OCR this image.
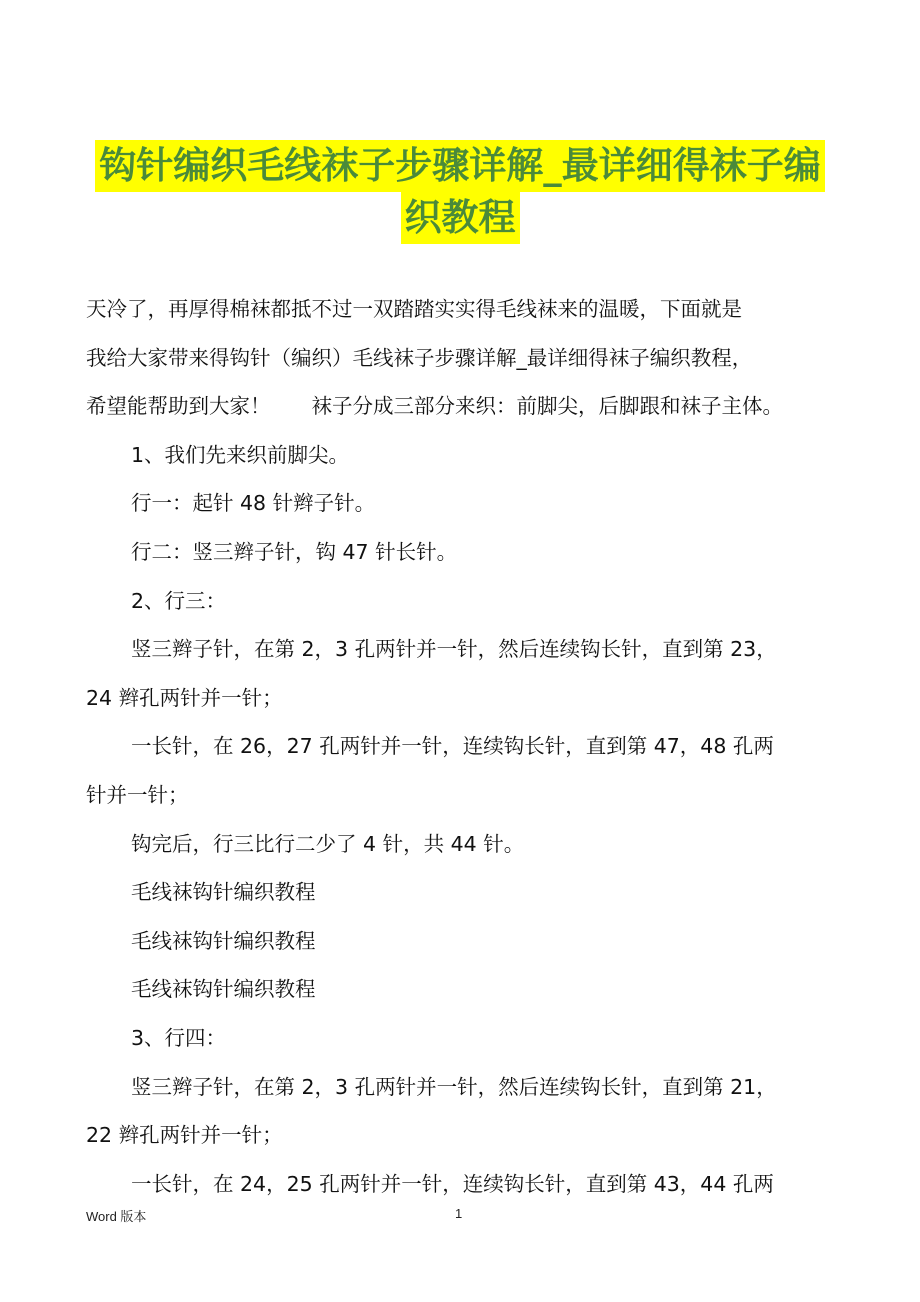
钩针编织毛线袜子步骤详解_最详细得袜子编
织教程

天冷了，再厚得棉袜都抵不过一双踏踏实实得毛线袜来的温暖，下面就是

我给大家带来得钩针（编织）毛线袜子步骤详解_最详细得袜子编织教程，

希望能帮助到大家！　　袜子分成三部分来织：前脚尖，后脚跟和袜子主体。

1、我们先来织前脚尖。

行一：起针 48 针辫子针。

行二：竖三辫子针，钩 47 针长针。

2、行三：

竖三辫子针，在第 2，3 孔两针并一针，然后连续钩长针，直到第 23，

24 辫孔两针并一针；

一长针，在 26，27 孔两针并一针，连续钩长针，直到第 47，48 孔两

针并一针；

钩完后，行三比行二少了 4 针，共 44 针。

毛线袜钩针编织教程

毛线袜钩针编织教程

毛线袜钩针编织教程

3、行四：

竖三辫子针，在第 2，3 孔两针并一针，然后连续钩长针，直到第 21，

22 辫孔两针并一针；

一长针，在 24，25 孔两针并一针，连续钩长针，直到第 43，44 孔两

Word 版本	1
